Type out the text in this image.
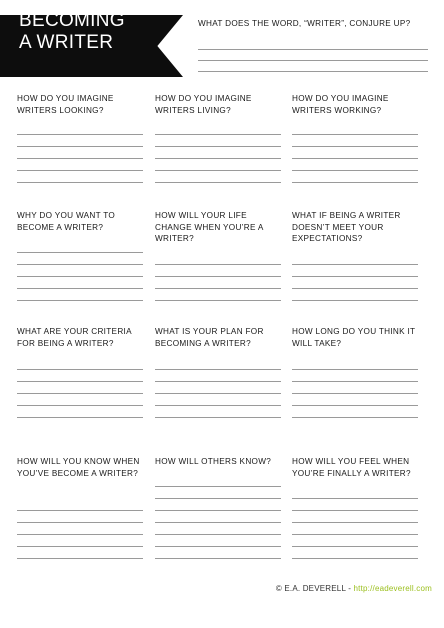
BECOMING
A WRITER
WHAT DOES THE WORD, “WRITER”, CONJURE UP?
HOW DO YOU IMAGINE WRITERS LOOKING?
HOW DO YOU IMAGINE WRITERS LIVING?
HOW DO YOU IMAGINE WRITERS WORKING?
WHY DO YOU WANT TO BECOME A WRITER?
HOW WILL YOUR LIFE CHANGE WHEN YOU’RE A WRITER?
WHAT IF BEING A WRITER DOESN’T MEET YOUR EXPECTATIONS?
WHAT ARE YOUR CRITERIA FOR BEING A WRITER?
WHAT IS YOUR PLAN FOR BECOMING A WRITER?
HOW LONG DO YOU THINK IT WILL TAKE?
HOW WILL YOU KNOW WHEN YOU’VE BECOME A WRITER?
HOW WILL OTHERS KNOW?	HOW WILL YOU FEEL WHEN YOU’RE FINALLY A WRITER?
© E.A. DEVERELL - http://eadeverell.com
